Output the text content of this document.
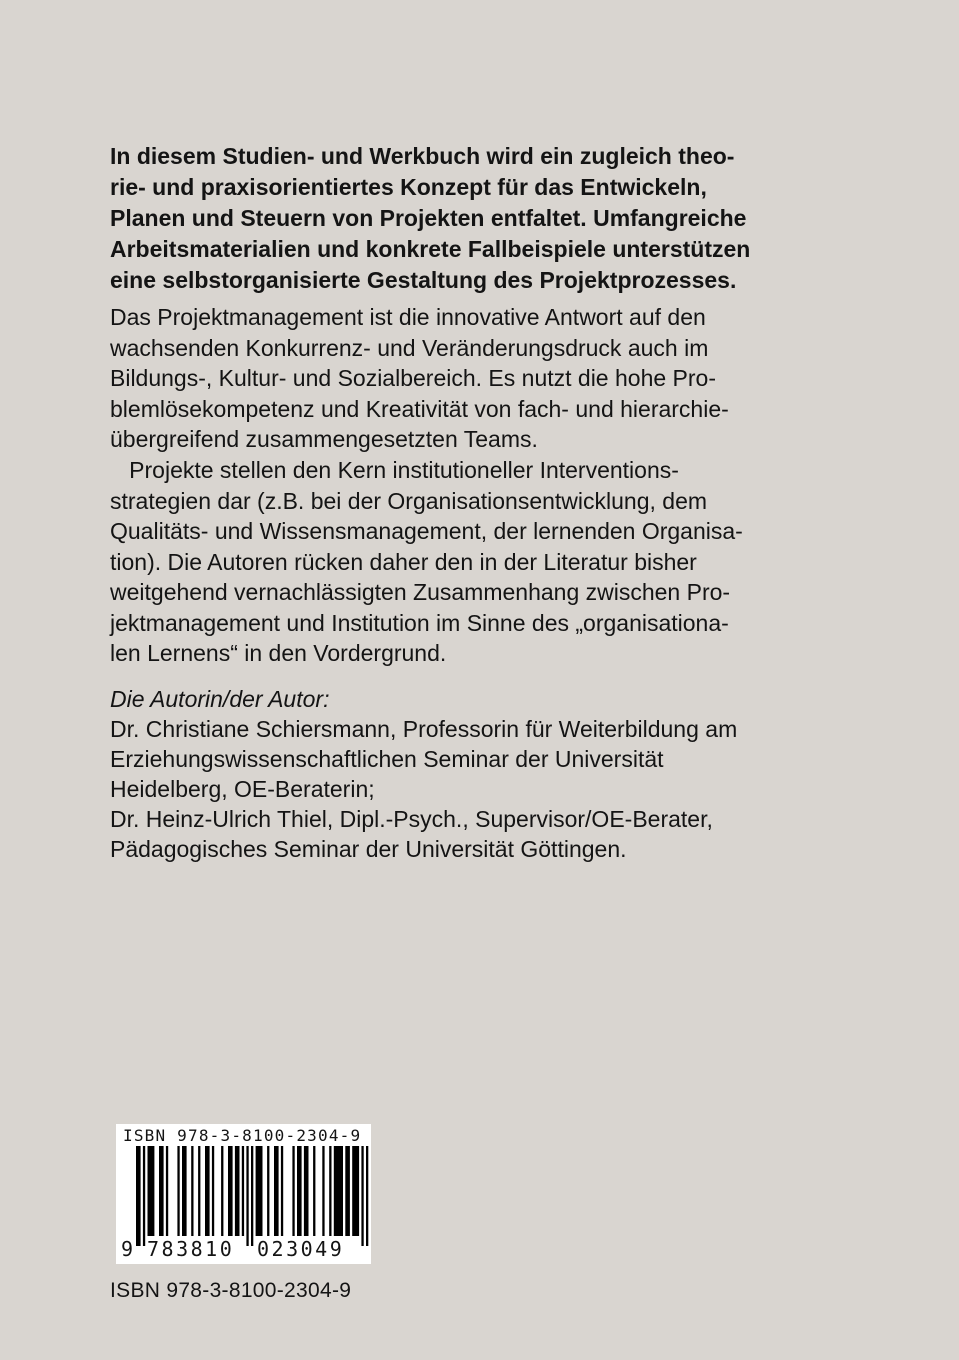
In diesem Studien- und Werkbuch wird ein zugleich theo-
rie- und praxisorientiertes Konzept für das Entwickeln,
Planen und Steuern von Projekten entfaltet. Umfangreiche
Arbeitsmaterialien und konkrete Fallbeispiele unterstützen
eine selbstorganisierte Gestaltung des Projektprozesses.

Das Projektmanagement ist die innovative Antwort auf den
wachsenden Konkurrenz- und Veränderungsdruck auch im
Bildungs-, Kultur- und Sozialbereich. Es nutzt die hohe Pro-
blemlösekompetenz und Kreativität von fach- und hierarchie-
übergreifend zusammengesetzten Teams.

Projekte stellen den Kern institutioneller Interventions-
strategien dar (z.B. bei der Organisationsentwicklung, dem
Qualitäts- und Wissensmanagement, der lernenden Organisa-
tion). Die Autoren rücken daher den in der Literatur bisher
weitgehend vernachlässigten Zusammenhang zwischen Pro-
jektmanagement und Institution im Sinne des „organisationa-
len Lernens“ in den Vordergrund.

Die Autorin/der Autor:
Dr. Christiane Schiersmann, Professorin für Weiterbildung am
Erziehungswissenschaftlichen Seminar der Universität
Heidelberg, OE-Beraterin;
Dr. Heinz-Ulrich Thiel, Dipl.-Psych., Supervisor/OE-Berater,
Pädagogisches Seminar der Universität Göttingen.

ISBN 978-3-8100-2304-9
9 783810 023049
ISBN 978-3-8100-2304-9
